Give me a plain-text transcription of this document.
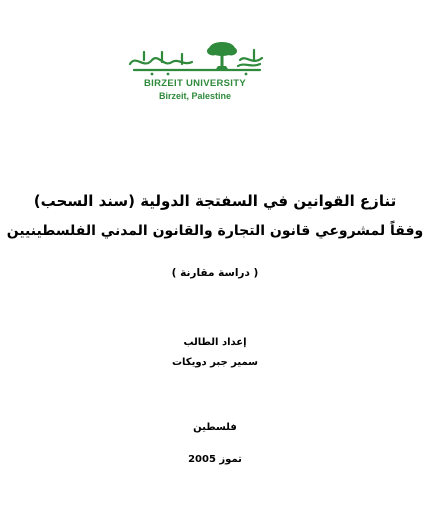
جامعة بيرزيت
BIRZEIT UNIVERSITY
Birzeit, Palestine
تنازع القوانين في السفتجة الدولية (سند السحب)
وفقاً لمشروعي قانون التجارة والقانون المدني الفلسطينيين
( دراسة مقارنة )
إعداد الطالب
سمير جبر دويكات
فلسطين
تموز 2005
